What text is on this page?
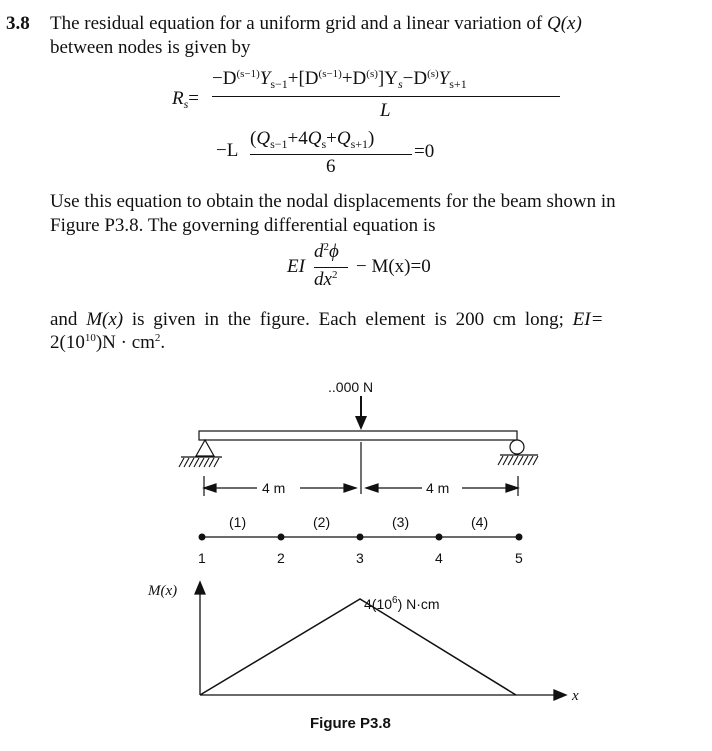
3.8 The residual equation for a uniform grid and a linear variation of Q(x)
between nodes is given by
$R_s=$
$-D^{(s-1)}Y_{s-1}+[D^{(s-1)}+D^{(s)}]Y_s-D^{(s)}Y_{s+1}$
L
−L
$(Q_{s-1}+4Q_s+Q_{s+1})$
6
=0
Use this equation to obtain the nodal displacements for the beam shown in
Figure P3.8. The governing differential equation is
EI
$d^2\phi$
$dx^2 - M(x)=0$
and M(x) is given in the figure. Each element is 200 cm long; EI=
$2(10^{10})N \cdot cm^2$.
..000 N
4 m	4 m
(1)	(2)	(3)	(4)
1	2	3	4	5
M(x)
$4(10^6)$ N·cm
x
Figure P3.8
